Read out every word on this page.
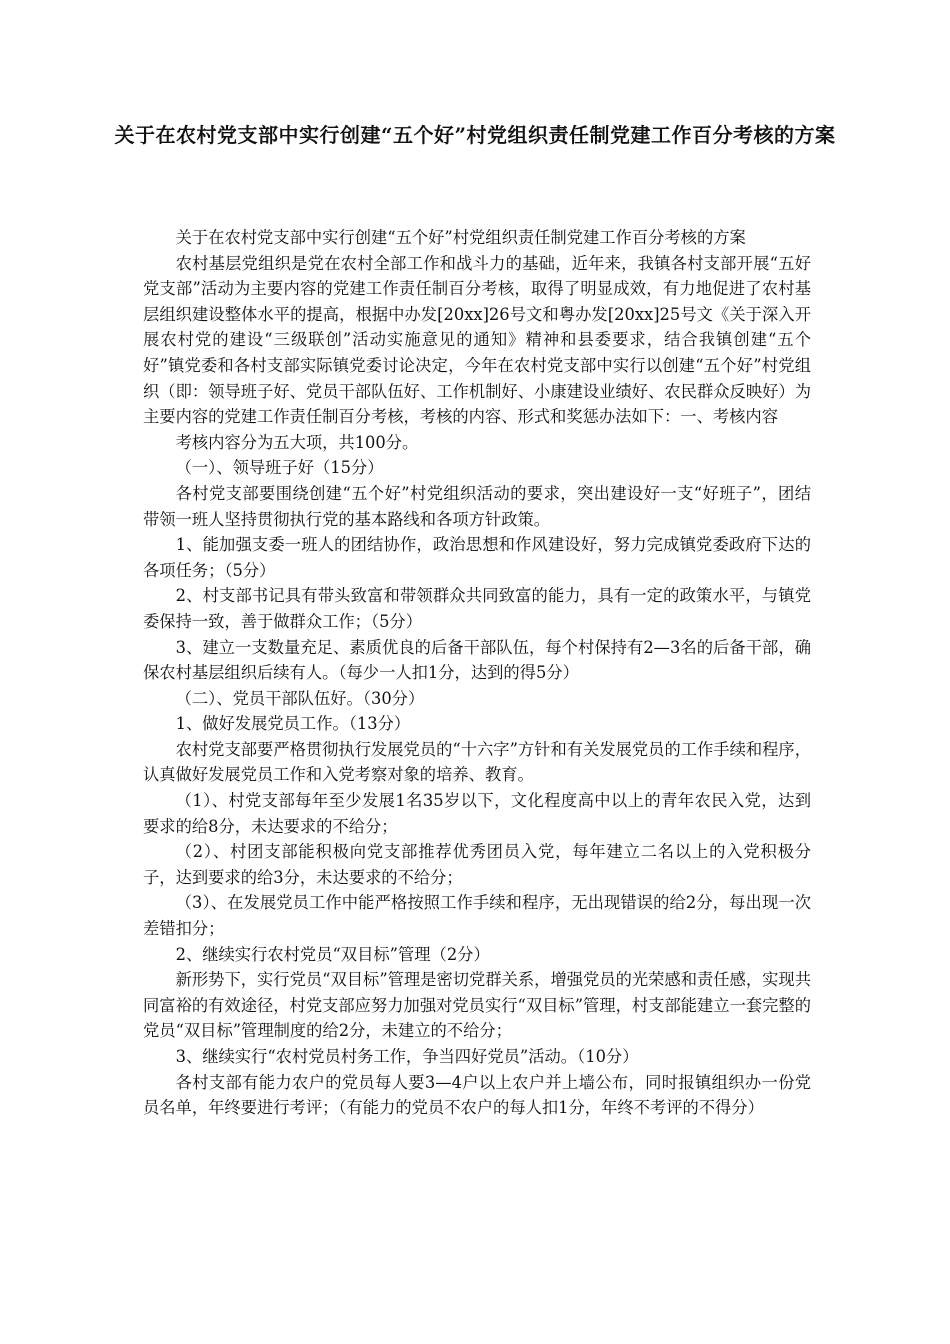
关于在农村党支部中实行创建“五个好”村党组织责任制党建工作百分考核的方案

关于在农村党支部中实行创建“五个好”村党组织责任制党建工作百分考核的方案

农村基层党组织是党在农村全部工作和战斗力的基础，近年来，我镇各村支部开展“五好党支部”活动为主要内容的党建工作责任制百分考核，取得了明显成效，有力地促进了农村基层组织建设整体水平的提高，根据中办发[20xx]26号文和粤办发[20xx]25号文《关于深入开展农村党的建设“三级联创”活动实施意见的通知》精神和县委要求，结合我镇创建“五个好”镇党委和各村支部实际镇党委讨论决定，今年在农村党支部中实行以创建“五个好”村党组织（即：领导班子好、党员干部队伍好、工作机制好、小康建设业绩好、农民群众反映好）为主要内容的党建工作责任制百分考核，考核的内容、形式和奖惩办法如下：一、考核内容

考核内容分为五大项，共100分。

（一）、领导班子好（15分）

各村党支部要围绕创建“五个好”村党组织活动的要求，突出建设好一支“好班子”，团结带领一班人坚持贯彻执行党的基本路线和各项方针政策。

1、能加强支委一班人的团结协作，政治思想和作风建设好，努力完成镇党委政府下达的各项任务；（5分）

2、村支部书记具有带头致富和带领群众共同致富的能力，具有一定的政策水平，与镇党委保持一致，善于做群众工作；（5分）

3、建立一支数量充足、素质优良的后备干部队伍，每个村保持有2—3名的后备干部，确保农村基层组织后续有人。（每少一人扣1分，达到的得5分）

（二）、党员干部队伍好。（30分）

1、做好发展党员工作。（13分）

农村党支部要严格贯彻执行发展党员的“十六字”方针和有关发展党员的工作手续和程序，认真做好发展党员工作和入党考察对象的培养、教育。

（1）、村党支部每年至少发展1名35岁以下，文化程度高中以上的青年农民入党，达到要求的给8分，未达要求的不给分；

（2）、村团支部能积极向党支部推荐优秀团员入党，每年建立二名以上的入党积极分子，达到要求的给3分，未达要求的不给分；

（3）、在发展党员工作中能严格按照工作手续和程序，无出现错误的给2分，每出现一次差错扣分；

2、继续实行农村党员“双目标”管理（2分）

新形势下，实行党员“双目标”管理是密切党群关系，增强党员的光荣感和责任感，实现共同富裕的有效途径，村党支部应努力加强对党员实行“双目标”管理，村支部能建立一套完整的党员“双目标”管理制度的给2分，未建立的不给分；

3、继续实行“农村党员村务工作，争当四好党员”活动。（10分）

各村支部有能力农户的党员每人要3—4户以上农户并上墙公布，同时报镇组织办一份党员名单，年终要进行考评；（有能力的党员不农户的每人扣1分，年终不考评的不得分）
